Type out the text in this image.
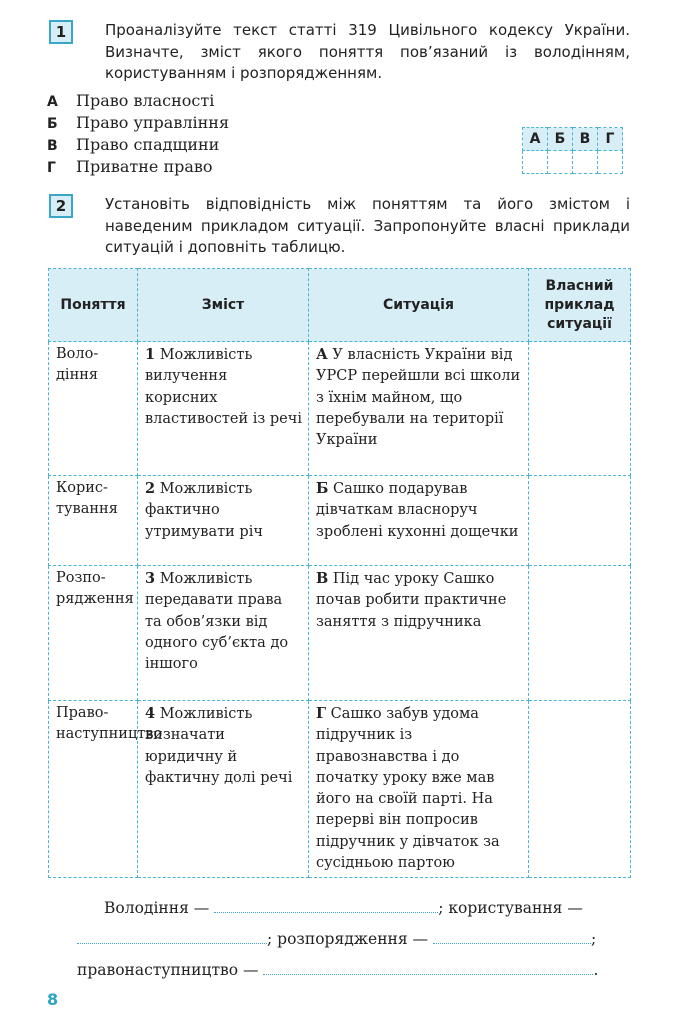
1	Проаналізуйте текст статті 319 Цивільного кодексу України. Визначте, зміст якого поняття пов’язаний із володінням, користуванням і розпорядженням.
А Право власності
Б Право управління
В Право спадщини
Г Приватне право
А	Б	В	Г

2	Установіть відповідність між поняттям та його змістом і наведеним прикладом ситуації. Запропонуйте власні приклади ситуацій і доповніть таблицю.
Поняття	Зміст	Ситуація	Власний приклад ситуації
Воло- діння	1 Можливість вилучення корисних властивостей із речі	А У власність України від УРСР перейшли всі школи з їхнім майном, що перебували на території України	
Корис- тування	2 Можливість фактично утримувати річ	Б Сашко подарував дівчаткам власноруч зроблені кухонні дощечки	
Розпо- рядження	3 Можливість передавати права та обов’язки від одного суб’єкта до іншого	В Під час уроку Сашко почав робити практичне заняття з підручника	
Право- наступництво	4 Можливість визначати юридичну й фактичну долі речі	Г Сашко забув удома підручник із правознавства і до початку уроку вже мав його на своїй парті. На перерві він попросив підручник у дівчаток за сусідньою партою	
Володіння —	; користування —
; розпорядження —	;
правонаступництво —	.
8
